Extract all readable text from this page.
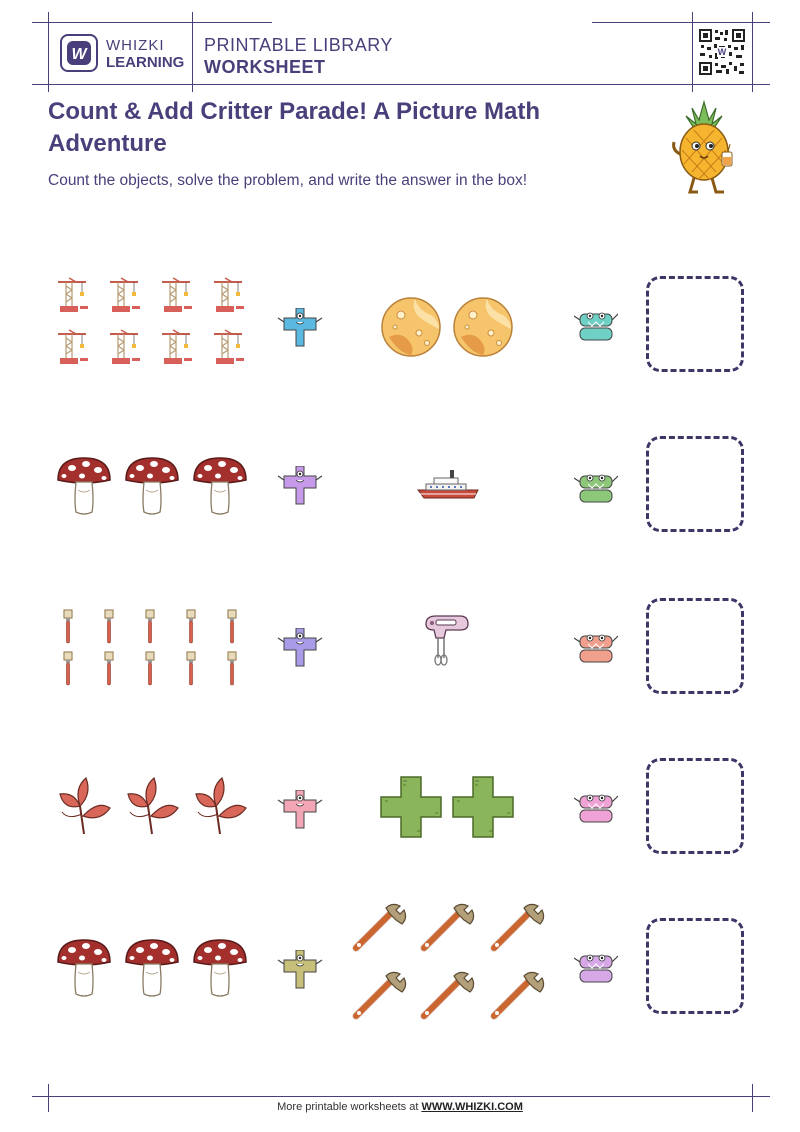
W
WHIZKI
LEARNING
PRINTABLE LIBRARY
WORKSHEET
W
Count & Add Critter Parade! A Picture Math Adventure
Count the objects, solve the problem, and write the answer in the box!
More printable worksheets at WWW.WHIZKI.COM
